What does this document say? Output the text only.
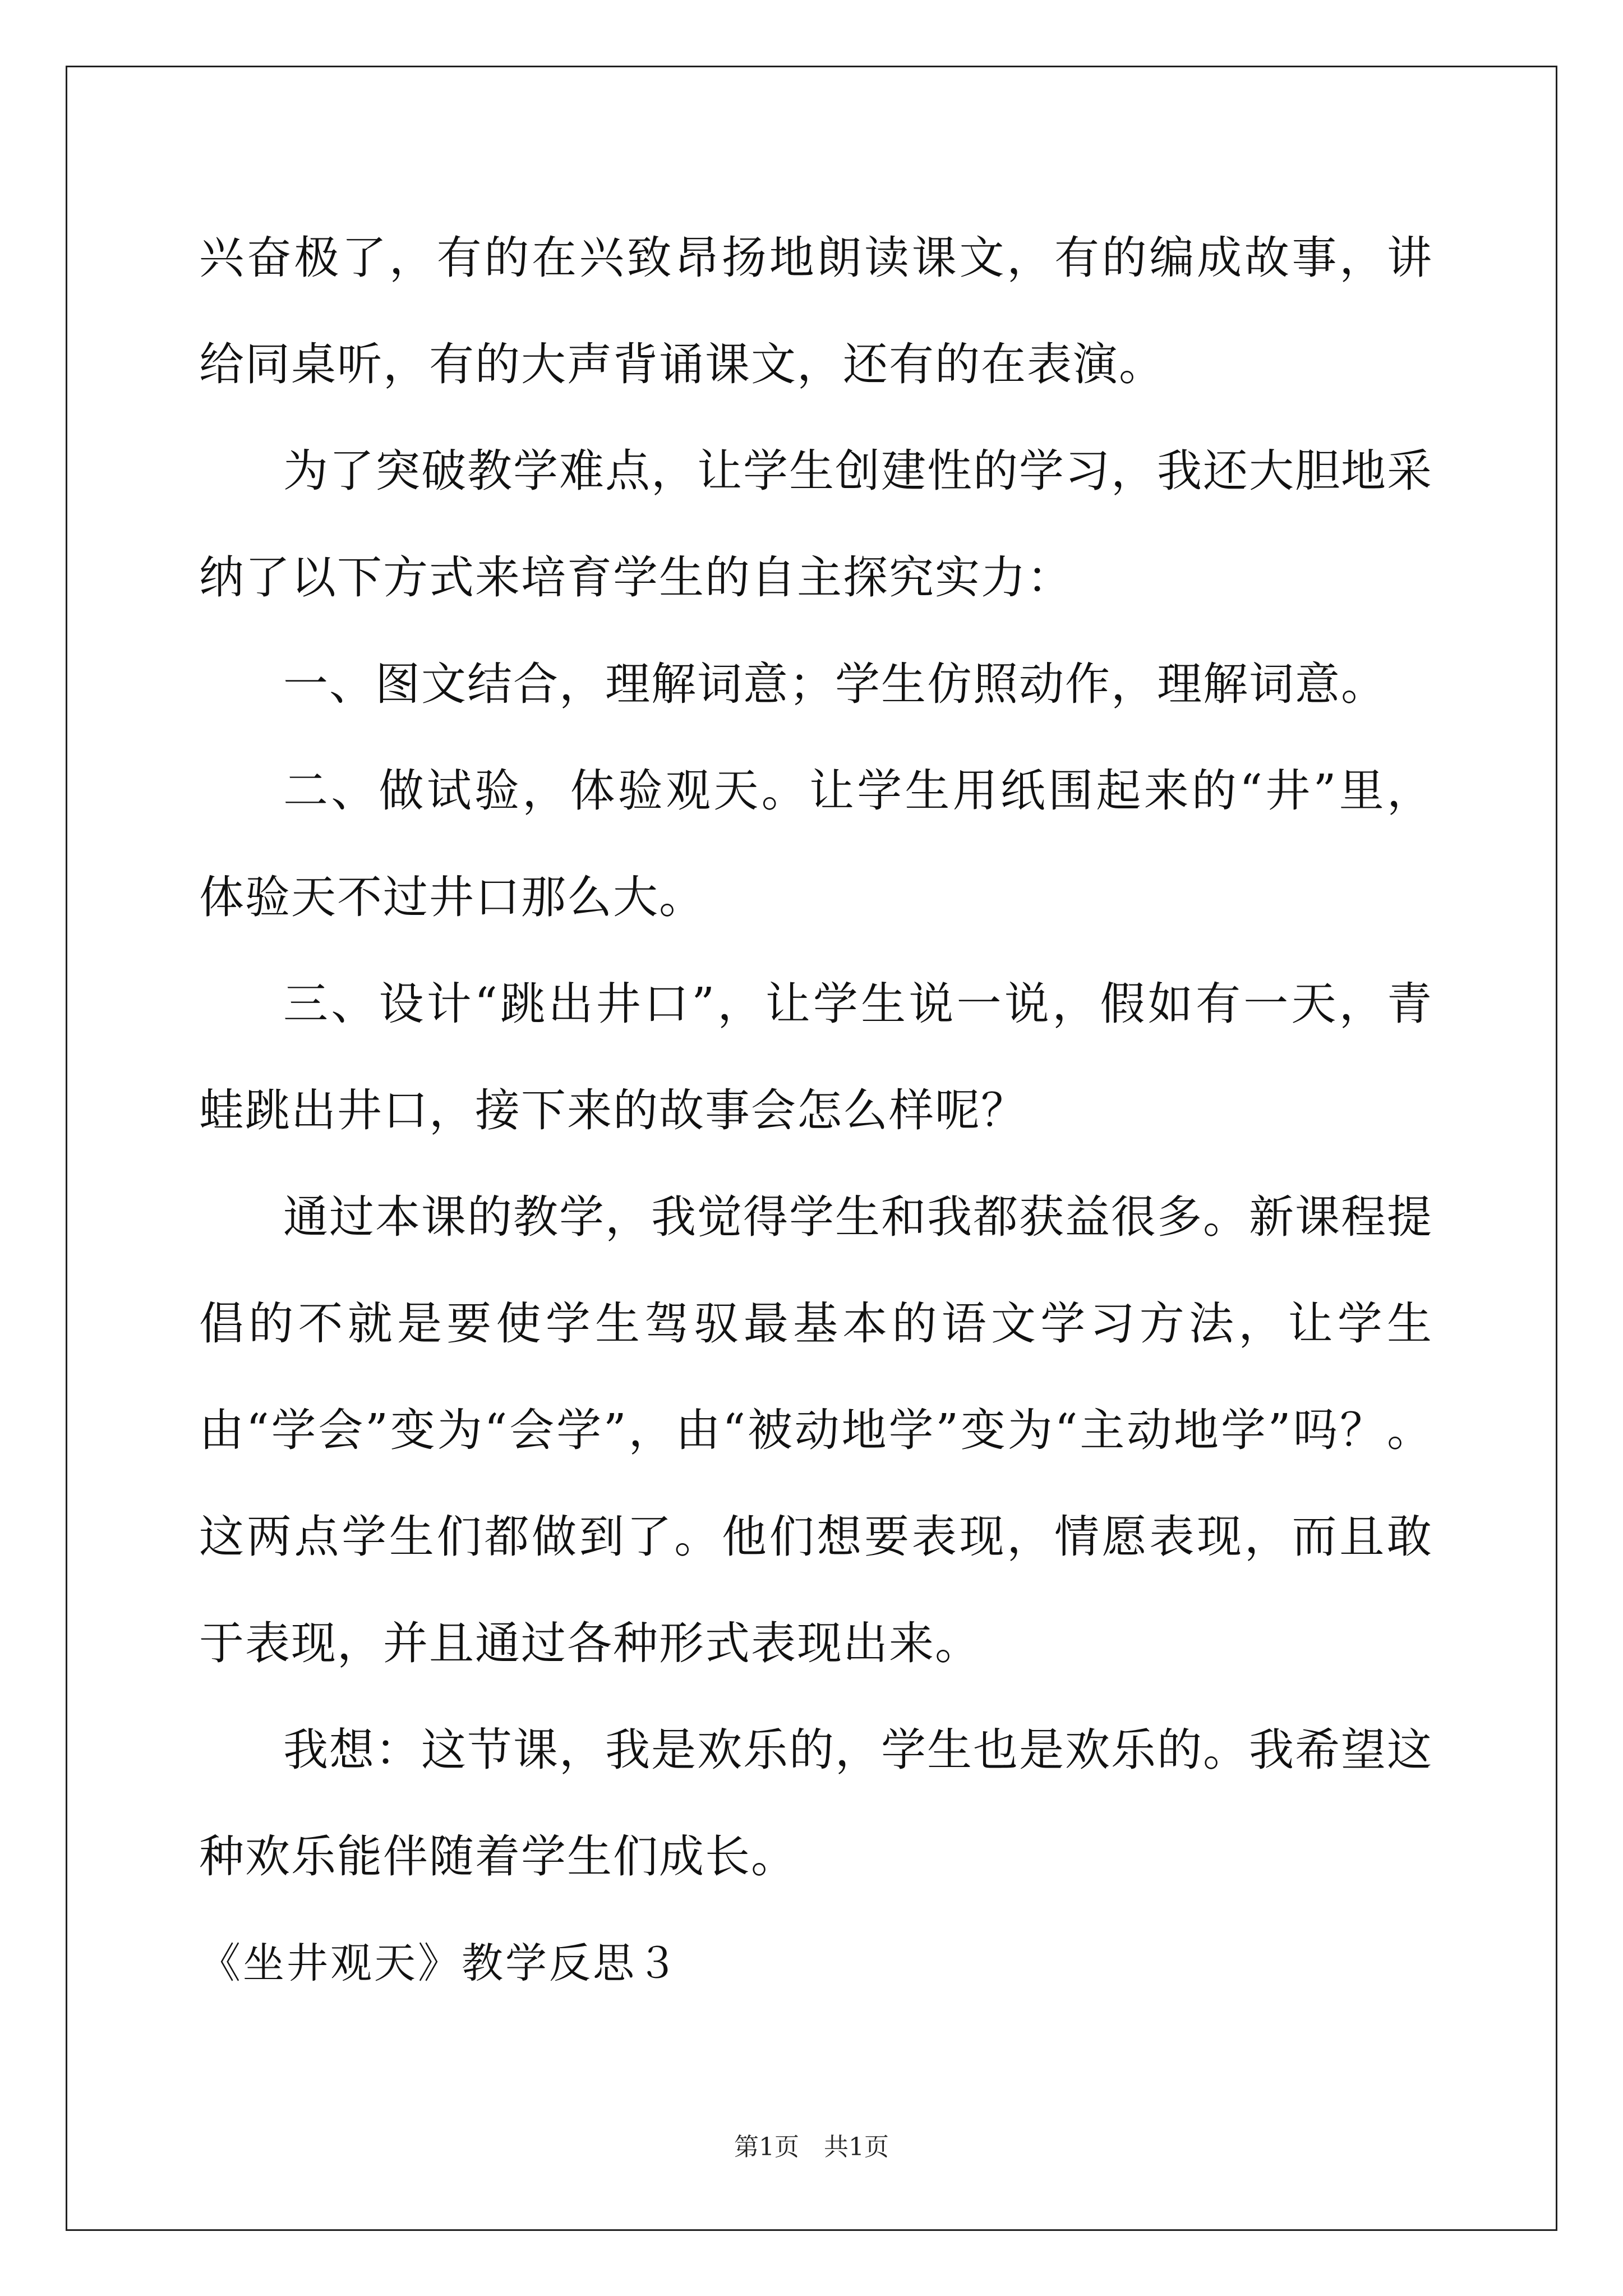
兴奋极了，有的在兴致昂扬地朗读课文，有的编成故事，讲给同桌听，有的大声背诵课文，还有的在表演。

为了突破教学难点，让学生创建性的学习，我还大胆地采纳了以下方式来培育学生的自主探究实力：

一、图文结合，理解词意；学生仿照动作，理解词意。

二、做试验，体验观天。让学生用纸围起来的“井”里，体验天不过井口那么大。

三、设计“跳出井口”，让学生说一说，假如有一天，青蛙跳出井口，接下来的故事会怎么样呢？

通过本课的教学，我觉得学生和我都获益很多。新课程提倡的不就是要使学生驾驭最基本的语文学习方法，让学生由“学会”变为“会学”，由“被动地学”变为“主动地学”吗？。这两点学生们都做到了。他们想要表现，情愿表现，而且敢于表现，并且通过各种形式表现出来。

我想：这节课，我是欢乐的，学生也是欢乐的。我希望这种欢乐能伴随着学生们成长。

《坐井观天》教学反思３

第1页 共1页
